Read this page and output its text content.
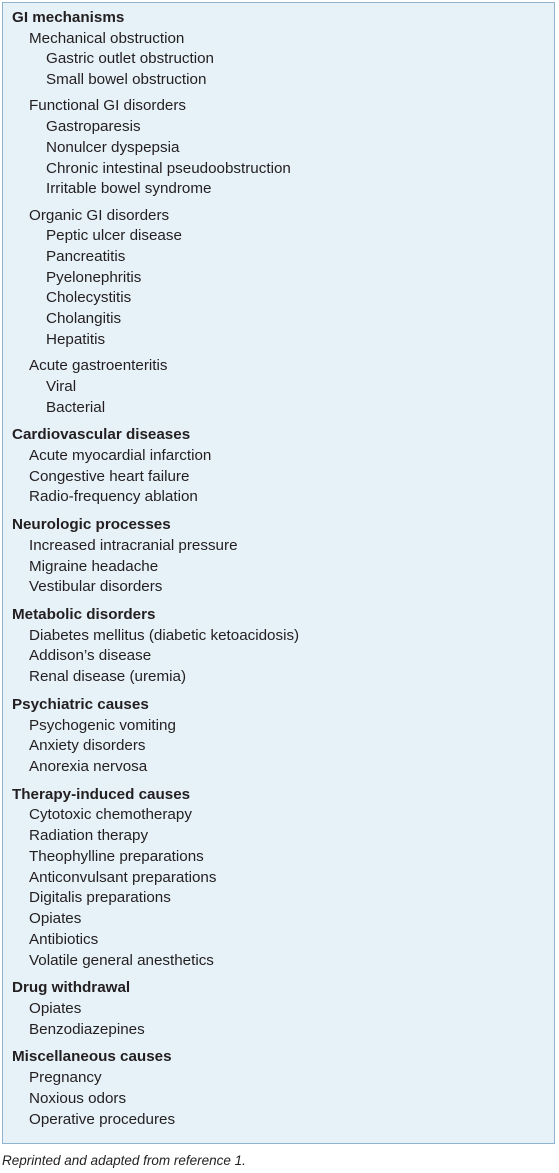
GI mechanisms
Mechanical obstruction
Gastric outlet obstruction
Small bowel obstruction
Functional GI disorders
Gastroparesis
Nonulcer dyspepsia
Chronic intestinal pseudoobstruction
Irritable bowel syndrome
Organic GI disorders
Peptic ulcer disease
Pancreatitis
Pyelonephritis
Cholecystitis
Cholangitis
Hepatitis
Acute gastroenteritis
Viral
Bacterial
Cardiovascular diseases
Acute myocardial infarction
Congestive heart failure
Radio-frequency ablation
Neurologic processes
Increased intracranial pressure
Migraine headache
Vestibular disorders
Metabolic disorders
Diabetes mellitus (diabetic ketoacidosis)
Addison’s disease
Renal disease (uremia)
Psychiatric causes
Psychogenic vomiting
Anxiety disorders
Anorexia nervosa
Therapy-induced causes
Cytotoxic chemotherapy
Radiation therapy
Theophylline preparations
Anticonvulsant preparations
Digitalis preparations
Opiates
Antibiotics
Volatile general anesthetics
Drug withdrawal
Opiates
Benzodiazepines
Miscellaneous causes
Pregnancy
Noxious odors
Operative procedures
Reprinted and adapted from reference 1.
